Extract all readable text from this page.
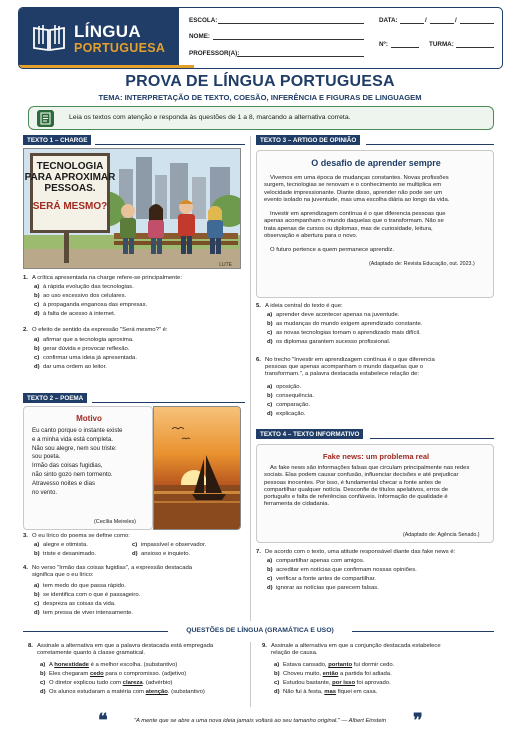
LÍNGUA
PORTUGUESA
ESCOLA:
NOME:
PROFESSOR(A):
DATA:	/	/
Nº:	TURMA:
PROVA DE LÍNGUA PORTUGUESA
TEMA: INTERPRETAÇÃO DE TEXTO, COESÃO, INFERÊNCIA E FIGURAS DE LINGUAGEM
Leia os textos com atenção e responda às questões de 1 a 8, marcando a alternativa correta.
TEXTO 1 – CHARGE
TECNOLOGIA
PARA APROXIMAR
PESSOAS.
SERÁ MESMO?
LUTE
1. A crítica apresentada na charge refere-se principalmente:
a) à rápida evolução das tecnologias.
b) ao uso excessivo dos celulares.
c) à propaganda enganosa das empresas.
d) à falta de acesso à internet.
2. O efeito de sentido da expressão "Será mesmo?" é:
a) afirmar que a tecnologia aproxima.
b) gerar dúvida e provocar reflexão.
c) confirmar uma ideia já apresentada.
d) dar uma ordem ao leitor.
TEXTO 2 – POEMA
Motivo
Eu canto porque o instante existe
e a minha vida está completa.
Não sou alegre, nem sou triste:
sou poeta.
Irmão das coisas fugidias,
não sinto gozo nem tormento.
Atravesso noites e dias
no vento.
(Cecília Meireles)
3. O eu lírico do poema se define como:
a) alegre e otimista.
b) triste e desanimado.
c) impassível e observador.
d) ansioso e inquieto.
4. No verso "Irmão das coisas fugidias", a expressão destacada
significa que o eu lírico:
a) tem medo do que passa rápido.
b) se identifica com o que é passageiro.
c) despreza as coisas da vida.
d) tem pressa de viver intensamente.
TEXTO 3 – ARTIGO DE OPINIÃO
O desafio de aprender sempre
Vivemos em uma época de mudanças constantes. Novas profissões
surgem, tecnologias se renovam e o conhecimento se multiplica em
velocidade impressionante. Diante disso, aprender não pode ser um
evento isolado na juventude, mas uma escolha diária ao longo da vida.
Investir em aprendizagem contínua é o que diferencia pessoas que
apenas acompanham o mundo daquelas que o transformam. Não se
trata apenas de cursos ou diplomas, mas de curiosidade, leitura,
observação e abertura para o novo.
O futuro pertence a quem permanece aprendiz.
(Adaptado de: Revista Educação, out. 2023.)
5. A ideia central do texto é que:
a) aprender deve acontecer apenas na juventude.
b) as mudanças do mundo exigem aprendizado constante.
c) as novas tecnologias tornam o aprendizado mais difícil.
d) os diplomas garantem sucesso profissional.
6. No trecho "Investir em aprendizagem contínua é o que diferencia
pessoas que apenas acompanham o mundo daquelas que o
transformam.", a palavra destacada estabelece relação de:
a) oposição.
b) consequência.
c) comparação.
d) explicação.
TEXTO 4 – TEXTO INFORMATIVO
Fake news: um problema real
As fake news são informações falsas que circulam principalmente nas redes
sociais. Elas podem causar confusão, influenciar decisões e até prejudicar
pessoas inocentes. Por isso, é fundamental checar a fonte antes de
compartilhar qualquer notícia. Desconfie de títulos apelativos, erros de
português e falta de referências confiáveis. Informação de qualidade é
ferramenta de cidadania.
(Adaptado de: Agência Senado.)
7. De acordo com o texto, uma atitude responsável diante das fake news é:
a) compartilhar apenas com amigos.
b) acreditar em notícias que confirmam nossas opiniões.
c) verificar a fonte antes de compartilhar.
d) ignorar as notícias que parecem falsas.
QUESTÕES DE LÍNGUA (GRAMÁTICA E USO)
8. Assinale a alternativa em que a palavra destacada está empregada
corretamente quanto à classe gramatical.
a) A honestidade é a melhor escolha. (substantivo)
b) Eles chegaram cedo para o compromisso. (adjetivo)
c) O diretor explicou tudo com clareza. (advérbio)
d) Os alunos estudaram a matéria com atenção. (substantivo)
9. Assinale a alternativa em que a conjunção destacada estabelece
relação de causa.
a) Estava cansado, portanto fui dormir cedo.
b) Choveu muito, então a partida foi adiada.
c) Estudou bastante, por isso foi aprovado.
d) Não fui à festa, mas fiquei em casa.
❝	❞
"A mente que se abre a uma nova ideia jamais voltará ao seu tamanho original." — Albert Einstein
